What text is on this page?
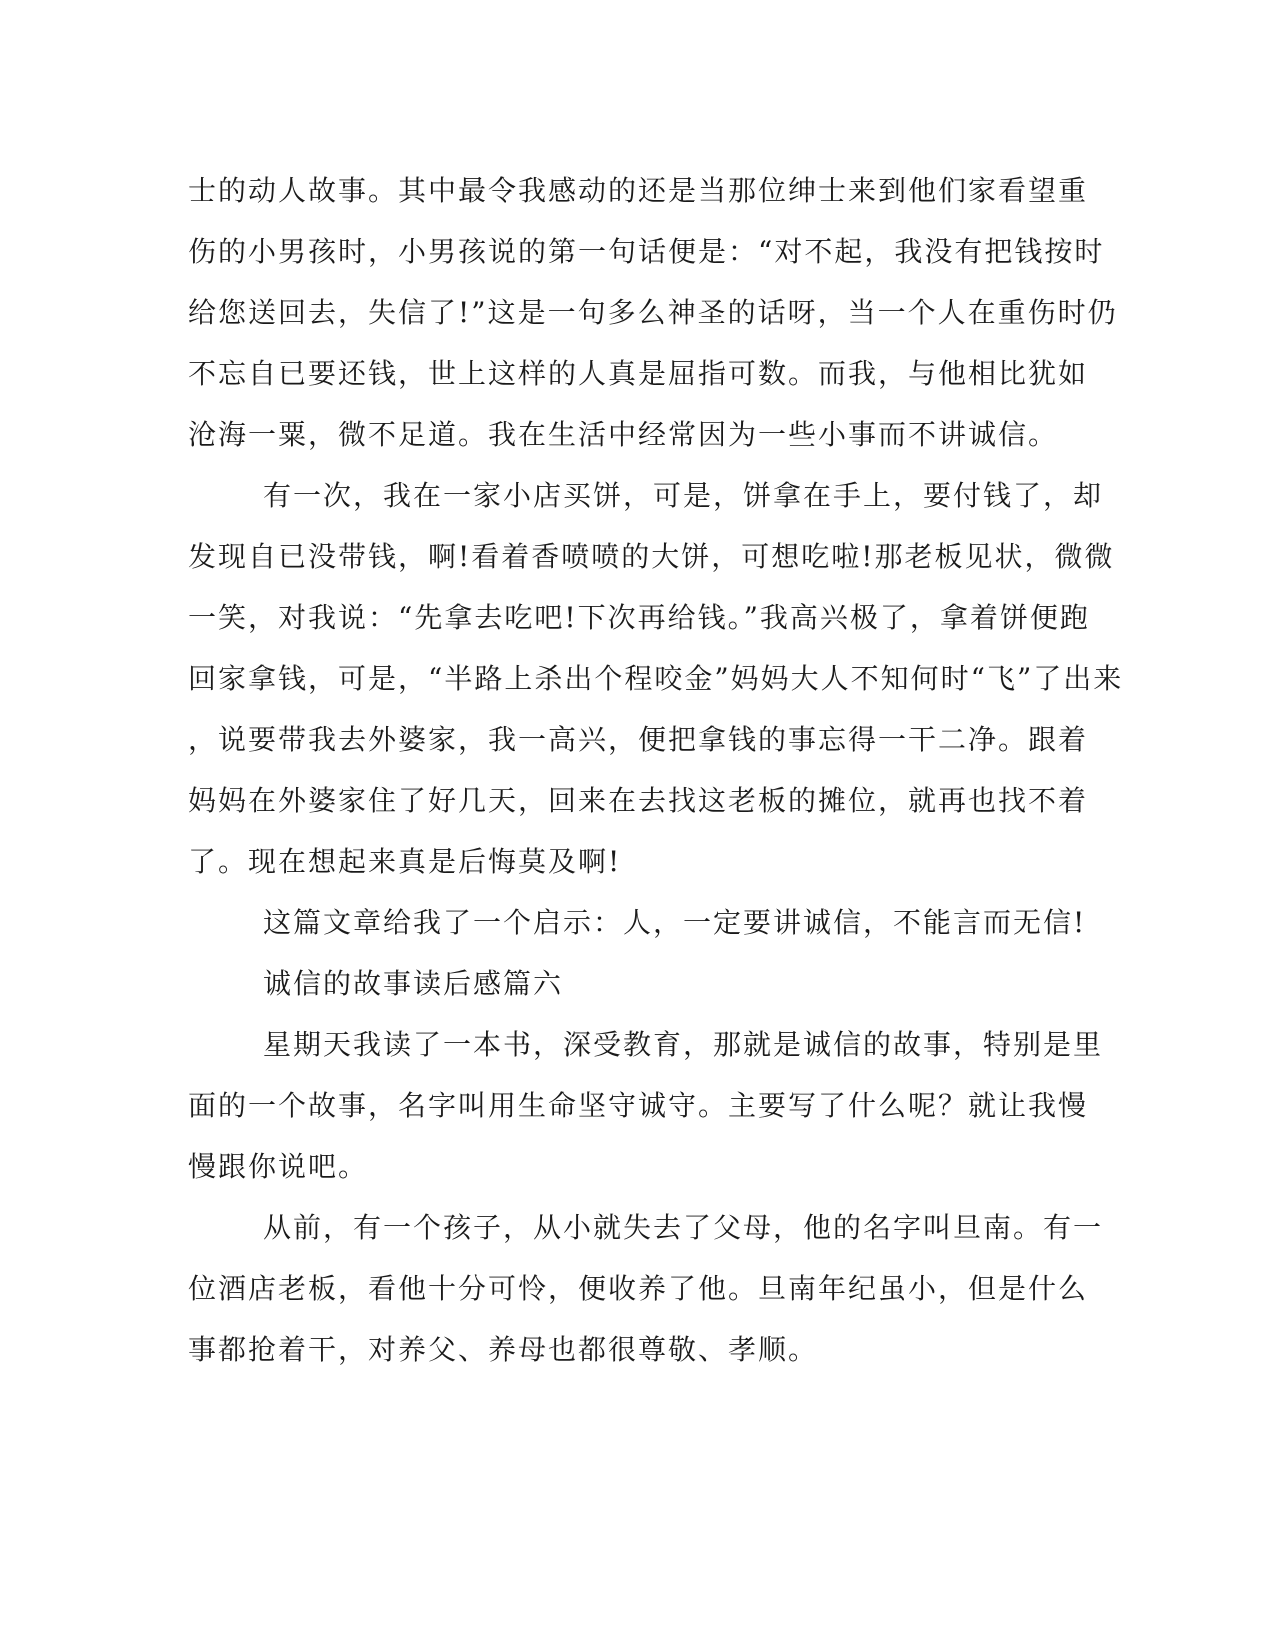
士的动人故事。其中最令我感动的还是当那位绅士来到他们家看望重
伤的小男孩时，小男孩说的第一句话便是：“对不起，我没有把钱按时
给您送回去，失信了!”这是一句多么神圣的话呀，当一个人在重伤时仍
不忘自已要还钱，世上这样的人真是屈指可数。而我，与他相比犹如
沧海一粟，微不足道。我在生活中经常因为一些小事而不讲诚信。
有一次，我在一家小店买饼，可是，饼拿在手上，要付钱了，却
发现自已没带钱，啊!看着香喷喷的大饼，可想吃啦!那老板见状，微微
一笑，对我说：“先拿去吃吧!下次再给钱。”我高兴极了，拿着饼便跑
回家拿钱，可是，“半路上杀出个程咬金”妈妈大人不知何时“飞”了出来
，说要带我去外婆家，我一高兴，便把拿钱的事忘得一干二净。跟着
妈妈在外婆家住了好几天，回来在去找这老板的摊位，就再也找不着
了。现在想起来真是后悔莫及啊!
这篇文章给我了一个启示：人，一定要讲诚信，不能言而无信!
诚信的故事读后感篇六
星期天我读了一本书，深受教育，那就是诚信的故事，特别是里
面的一个故事，名字叫用生命坚守诚守。主要写了什么呢？就让我慢
慢跟你说吧。
从前，有一个孩子，从小就失去了父母，他的名字叫旦南。有一
位酒店老板，看他十分可怜，便收养了他。旦南年纪虽小，但是什么
事都抢着干，对养父、养母也都很尊敬、孝顺。
